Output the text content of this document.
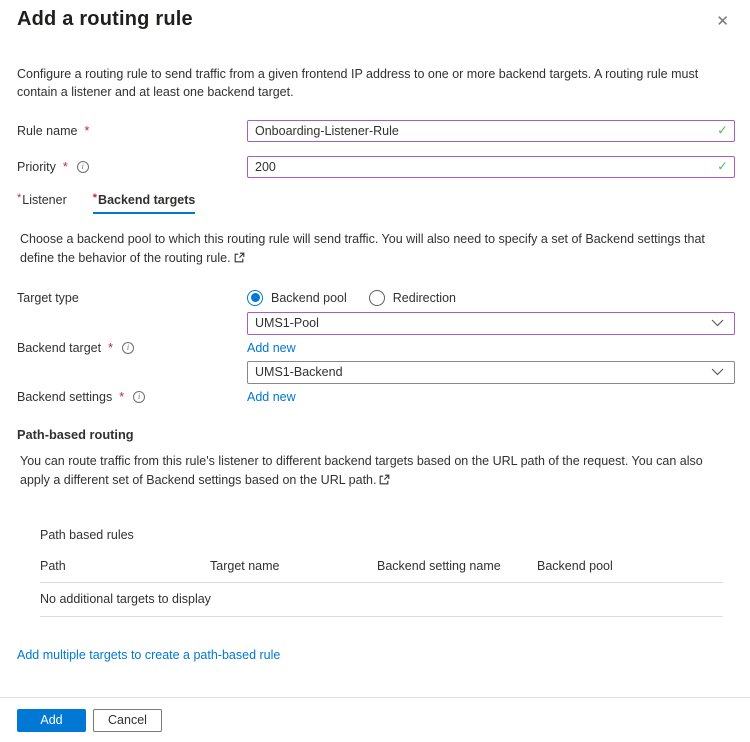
Add a routing rule	✕
Configure a routing rule to send traffic from a given frontend IP address to one or more backend targets. A routing rule must contain a listener and at least one backend target.
Rule name *
Onboarding-Listener-Rule	✓
Priority *	i
200	✓
* Listener * Backend targets
Choose a backend pool to which this routing rule will send traffic. You will also need to specify a set of Backend settings that define the behavior of the routing rule.
Target type	Backend pool	Redirection
UMS1-Pool
Backend target *	i	Add new
UMS1-Backend
Backend settings *	i	Add new
Path-based routing
You can route traffic from this rule's listener to different backend targets based on the URL path of the request. You can also apply a different set of Backend settings based on the URL path.
Path based rules
Path	Target name	Backend setting name	Backend pool
No additional targets to display
Add multiple targets to create a path-based rule
Add	Cancel
